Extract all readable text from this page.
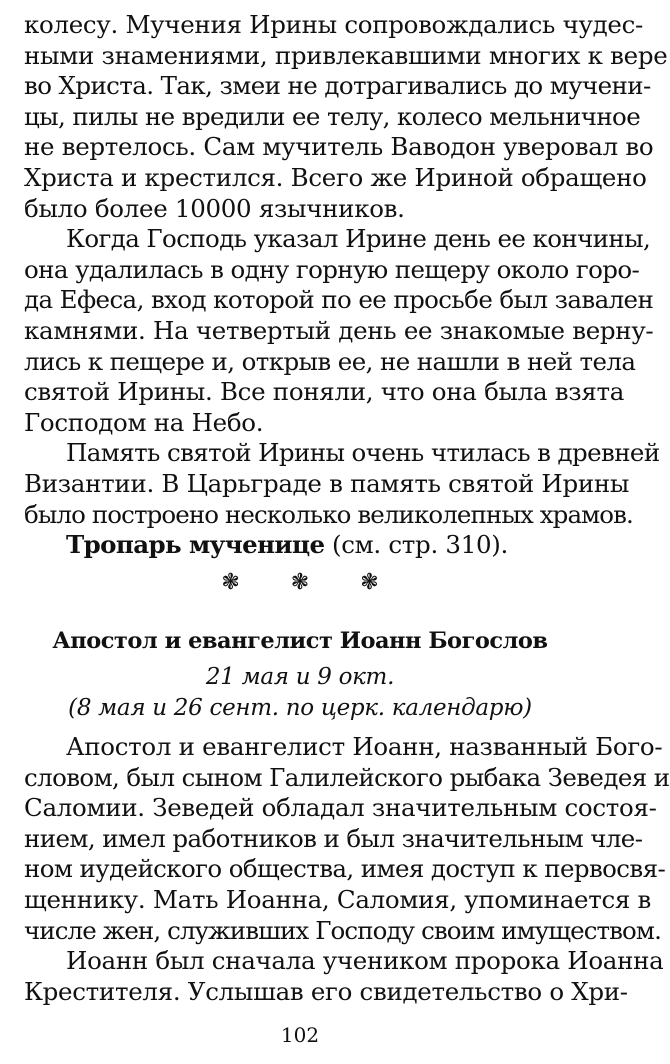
колесу. Мучения Ирины сопровождались чудес-
ными знамениями, привлекавшими многих к вере
во Христа. Так, змеи не дотрагивались до мучени-
цы, пилы не вредили ее телу, колесо мельничное
не вертелось. Сам мучитель Вaводон уверовал во
Христа и крестился. Всего же Ириной обращено
было более 10000 язычников.
Когда Господь указал Ирине день ее кончины,
она удалилась в одну горную пещеру около горо-
да Ефеса, вход которой по ее просьбе был завален
камнями. На четвертый день ее знакомые верну-
лись к пещере и, открыв ее, не нашли в ней тела
святой Ирины. Все поняли, что она была взята
Господом на Небо.
Память святой Ирины очень чтилась в древней
Византии. В Царьграде в память святой Ирины
было построено несколько великолепных храмов.
Тропарь мученице (см. стр. 310).
❃ ❃ ❃
Апостол и евангелист Иоанн Богослов
21 мая и 9 окт.
(8 мая и 26 сент. по церк. календарю)
Апостол и евангелист Иоанн, названный Бого-
словом, был сыном Галилейского рыбака Зеведея и
Саломии. Зеведей обладал значительным состоя-
нием, имел работников и был значительным чле-
ном иудейского общества, имея доступ к первосвя-
щеннику. Мать Иоанна, Саломия, упоминается в
числе жен, служивших Господу своим имуществом.
Иоанн был сначала учеником пророка Иоанна
Крестителя. Услышав его свидетельство о Хри-
102
